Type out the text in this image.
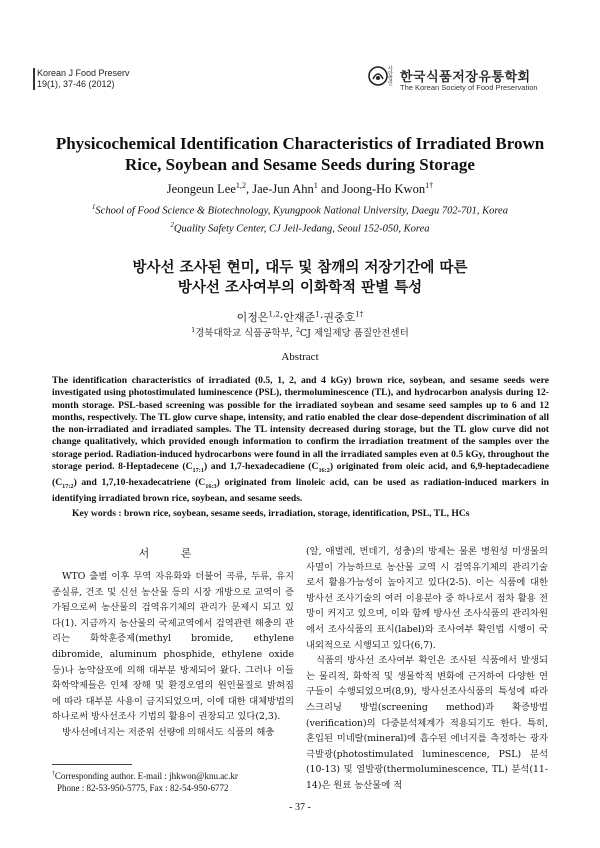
Korean J Food Preserv
19(1), 37-46 (2012)
사단법인 한국식품저장유통학회
The Korean Society of Food Preservation
Physicochemical Identification Characteristics of Irradiated Brown
Rice, Soybean and Sesame Seeds during Storage
Jeongeun Lee$^{1,2}$, Jae-Jun Ahn$^1$ and Joong-Ho Kwon$^{1\dagger}$
$^1$School of Food Science & Biotechnology, Kyungpook National University, Daegu 702-701, Korea
$^2$Quality Safety Center, CJ Jeil-Jedang, Seoul 152-050, Korea
방사선 조사된 현미, 대두 및 참깨의 저장기간에 따른
방사선 조사여부의 이화학적 판별 특성
이정은$^{1,2}$·안재준$^1$·권중호$^{1\dagger}$
$^1$경북대학교 식품공학부, $^2$CJ 제일제당 품질안전센터
Abstract
The identification characteristics of irradiated (0.5, 1, 2, and 4 kGy) brown rice, soybean, and sesame seeds were investigated using photostimulated luminescence (PSL), thermoluminescence (TL), and hydrocarbon analysis during 12-month storage. PSL-based screening was possible for the irradiated soybean and sesame seed samples up to 6 and 12 months, respectively. The TL glow curve shape, intensity, and ratio enabled the clear dose-dependent discrimination of all the non-irradiated and irradiated samples. The TL intensity decreased during storage, but the TL glow curve did not change qualitatively, which provided enough information to confirm the irradiation treatment of the samples over the storage period. Radiation-induced hydrocarbons were found in all the irradiated samples even at 0.5 kGy, throughout the storage period. 8-Heptadecene $(C_{17:1})$ and 1,7-hexadecadiene $(C_{16:2})$ originated from oleic acid, and 6,9-heptadecadiene $(C_{17:2})$ and 1,7,10-hexadecatriene $(C_{16:3})$ originated from linoleic acid, can be used as radiation-induced markers in identifying irradiated brown rice, soybean, and sesame seeds.
Key words : brown rice, soybean, sesame seeds, irradiation, storage, identification, PSL, TL, HCs
서 론

WTO 출범 이후 무역 자유화와 더불어 곡류, 두류, 유지 종실류, 건조 및 신선 농산물 등의 시장 개방으로 교역이 증가됨으로써 농산물의 검역유기체의 관리가 문제시 되고 있다(1). 지금까지 농산물의 국제교역에서 검역관련 해충의 관리는 화학훈증제(methyl bromide, ethylene dibromide, aluminum phosphide, ethylene oxide 등)나 농약살포에 의해 대부분 방제되어 왔다. 그러나 이들 화학약제들은 인체 장해 및 환경오염의 원인물질로 밝혀짐에 따라 대부분 사용이 금지되었으며, 이에 대한 대체방법의 하나로써 방사선조사 기법의 활용이 권장되고 있다(2,3).

방사선에너지는 저준위 선량에 의해서도 식품의 해충

(알, 애벌레, 번데기, 성충)의 방제는 물론 병원성 미생물의 사멸이 가능하므로 농산물 교역 시 검역유기체의 관리기술로서 활용가능성이 높아지고 있다(2-5). 이는 식품에 대한 방사선 조사기술의 여러 이용분야 중 하나로서 점차 활용 전망이 커지고 있으며, 이와 함께 방사선 조사식품의 관리차원에서 조사식품의 표시(label)와 조사여부 확인법 시행이 국내외적으로 시행되고 있다(6,7).

식품의 방사선 조사여부 확인은 조사된 식품에서 발생되는 물리적, 화학적 및 생물학적 변화에 근거하여 다양한 연구들이 수행되었으며(8,9), 방사선조사식품의 특성에 따라 스크리닝 방법(screening method)과 확증방법(verification)의 다중분석체계가 적용되기도 한다. 특히, 혼입된 미네랄(mineral)에 흡수된 에너지를 측정하는 광자극발광(photostimulated luminescence, PSL) 분석(10-13) 및 열발광(thermoluminescence, TL) 분석(11-14)은 원료 농산물에 적

†Corresponding author. E-mail : jhkwon@knu.ac.kr
Phone : 82-53-950-5775, Fax : 82-54-950-6772
- 37 -
